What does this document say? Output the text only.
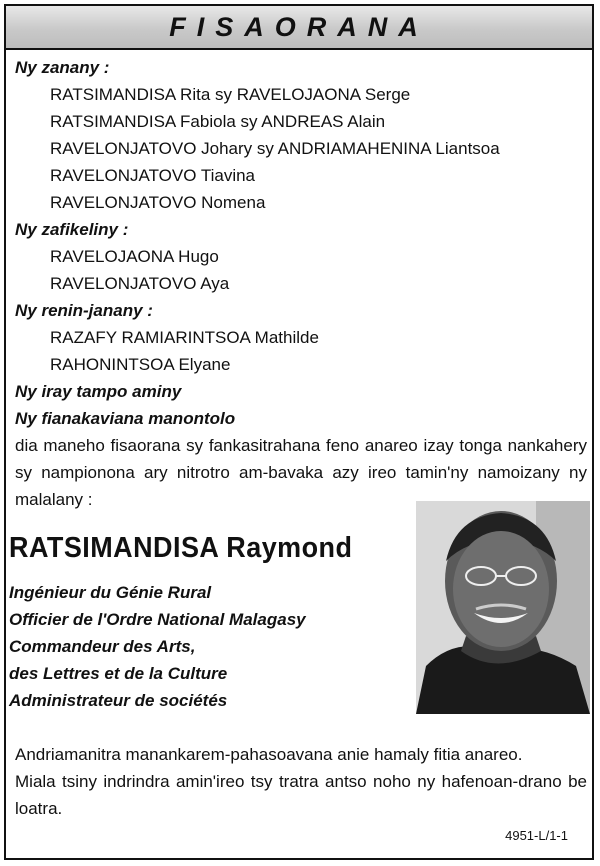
FISAORANA

Ny zanany :

RATSIMANDISA Rita sy RAVELOJAONA Serge

RATSIMANDISA Fabiola sy ANDREAS Alain

RAVELONJATOVO Johary sy ANDRIAMAHENINA Liantsoa

RAVELONJATOVO Tiavina

RAVELONJATOVO Nomena

Ny zafikeliny :

RAVELOJAONA Hugo

RAVELONJATOVO Aya

Ny renin-janany :

RAZAFY RAMIARINTSOA Mathilde

RAHONINTSOA Elyane

Ny iray tampo aminy

Ny fianakaviana manontolo

dia maneho fisaorana sy fankasitrahana feno anareo izay tonga nankahery sy nampionona ary nitrotro am-bavaka azy ireo tamin'ny namoizany ny malalany :

Andriamanitra manankarem-pahasoavana anie hamaly fitia anareo.

Miala tsiny indrindra amin'ireo tsy tratra antso noho ny hafenoan-drano be loatra.

RATSIMANDISA Raymond
Ingénieur du Génie Rural
Officier de l'Ordre National Malagasy
Commandeur des Arts,
des Lettres et de la Culture
Administrateur de sociétés
4951-L/1-1
